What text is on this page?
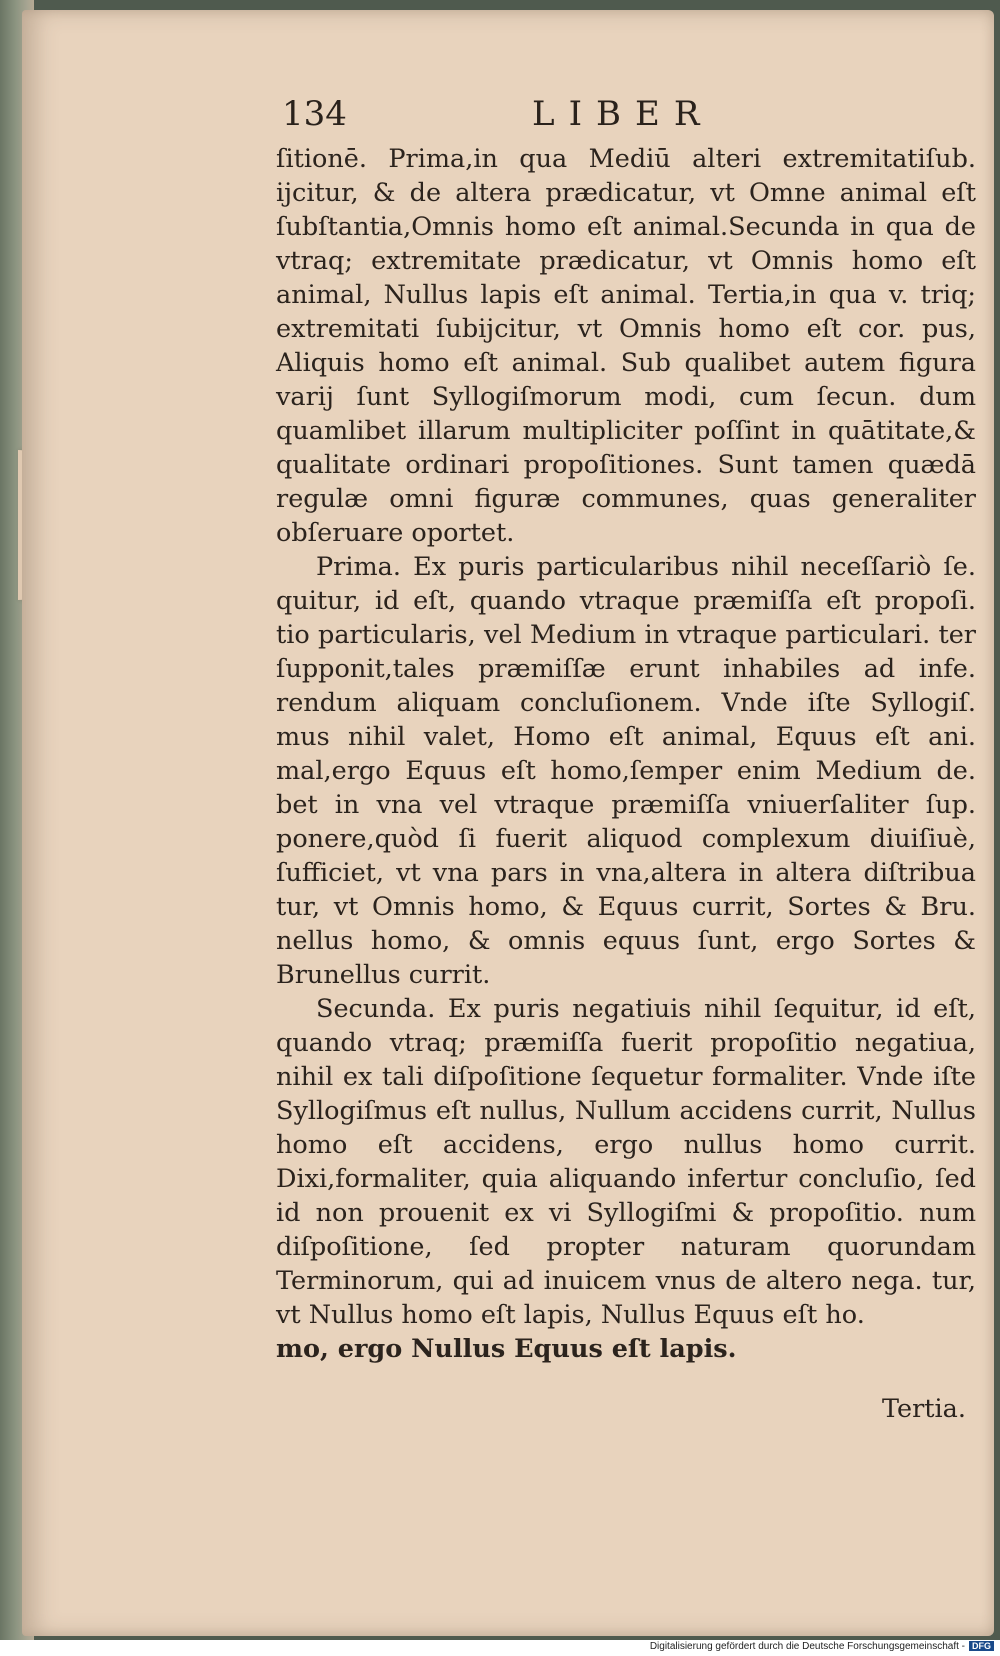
134	LIBER

ſitionē. Prima,in qua Mediū alteri extremitatiſub. ijcitur, & de altera prædicatur, vt Omne animal eſt ſubſtantia,Omnis homo eſt animal.Secunda in qua de vtraq; extremitate prædicatur, vt Omnis homo eſt animal, Nullus lapis eſt animal. Tertia,in qua v. triq; extremitati ſubijcitur, vt Omnis homo eſt cor. pus, Aliquis homo eſt animal. Sub qualibet autem figura varij ſunt Syllogiſmorum modi, cum ſecun. dum quamlibet illarum multipliciter poſſint in quātitate,& qualitate ordinari propoſitiones. Sunt tamen quædā regulæ omni figuræ communes, quas generaliter obſeruare oportet.

Prima. Ex puris particularibus nihil neceſſariò ſe. quitur, id eſt, quando vtraque præmiſſa eſt propoſi. tio particularis, vel Medium in vtraque particulari. ter ſupponit,tales præmiſſæ erunt inhabiles ad infe. rendum aliquam concluſionem. Vnde iſte Syllogiſ. mus nihil valet, Homo eſt animal, Equus eſt ani. mal,ergo Equus eſt homo,ſemper enim Medium de. bet in vna vel vtraque præmiſſa vniuerſaliter ſup. ponere,quòd ſi fuerit aliquod complexum diuiſiuè, ſufficiet, vt vna pars in vna,altera in altera diſtribua tur, vt Omnis homo, & Equus currit, Sortes & Bru. nellus homo, & omnis equus ſunt, ergo Sortes & Brunellus currit.

Secunda. Ex puris negatiuis nihil ſequitur, id eſt, quando vtraq; præmiſſa fuerit propoſitio negatiua, nihil ex tali diſpoſitione ſequetur formaliter. Vnde iſte Syllogiſmus eſt nullus, Nullum accidens currit, Nullus homo eſt accidens, ergo nullus homo currit. Dixi,formaliter, quia aliquando infertur concluſio, ſed id non prouenit ex vi Syllogiſmi & propoſitio. num diſpoſitione, ſed propter naturam quorundam Terminorum, qui ad inuicem vnus de altero nega. tur, vt Nullus homo eſt lapis, Nullus Equus eſt ho.

mo, ergo Nullus Equus eſt lapis.

Tertia.
Digitalisierung gefördert durch die Deutsche Forschungsgemeinschaft - DFG
